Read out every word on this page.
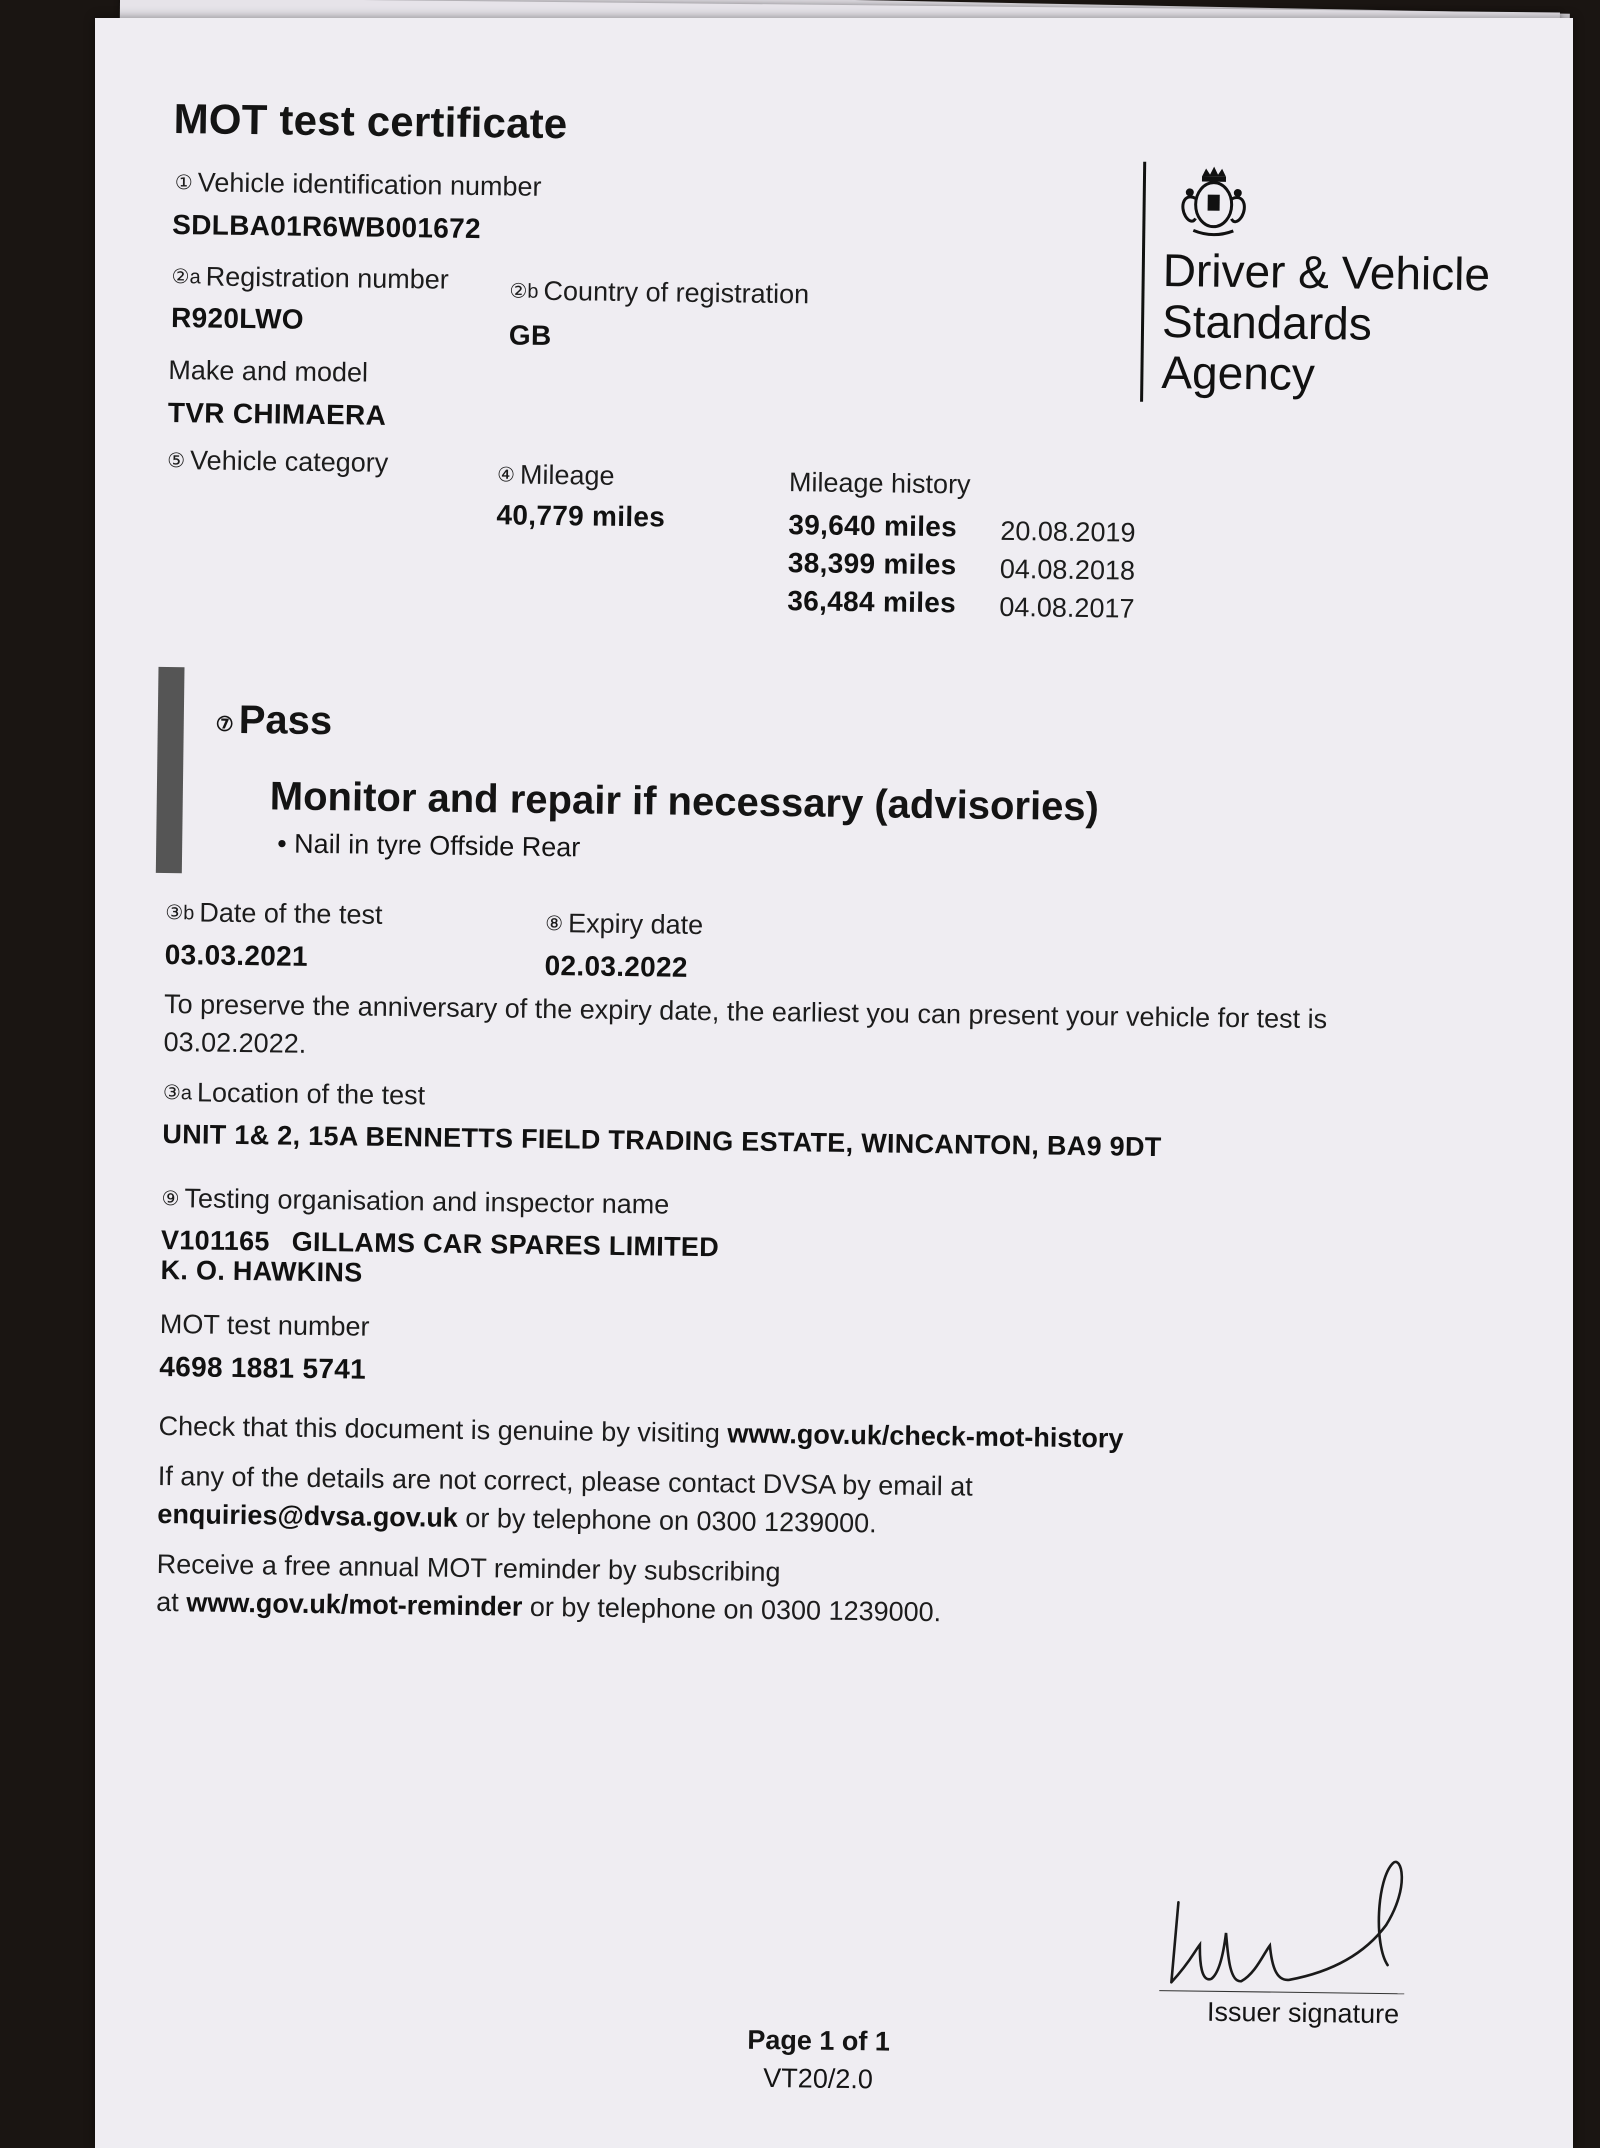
MOT test certificate
Driver & Vehicle
Standards
Agency
① Vehicle identification number
SDLBA01R6WB001672
②a Registration number
R920LWO
②b Country of registration
GB
Make and model
TVR CHIMAERA
⑤ Vehicle category	④ Mileage
40,779 miles
Mileage history
39,640 miles 20.08.2019
38,399 miles 04.08.2018
36,484 miles 04.08.2017
⑦ Pass
Monitor and repair if necessary (advisories)
• Nail in tyre Offside Rear
③b Date of the test
03.03.2021
⑧ Expiry date
02.03.2022
To preserve the anniversary of the expiry date, the earliest you can present your vehicle for test is
03.02.2022.
③a Location of the test
UNIT 1& 2, 15A BENNETTS FIELD TRADING ESTATE, WINCANTON, BA9 9DT
⑨ Testing organisation and inspector name
V101165 GILLAMS CAR SPARES LIMITED
K. O. HAWKINS
MOT test number
4698 1881 5741
Check that this document is genuine by visiting www.gov.uk/check-mot-history
If any of the details are not correct, please contact DVSA by email at
enquiries@dvsa.gov.uk or by telephone on 0300 1239000.
Receive a free annual MOT reminder by subscribing
at www.gov.uk/mot-reminder or by telephone on 0300 1239000.
Issuer signature
Page 1 of 1
VT20/2.0
